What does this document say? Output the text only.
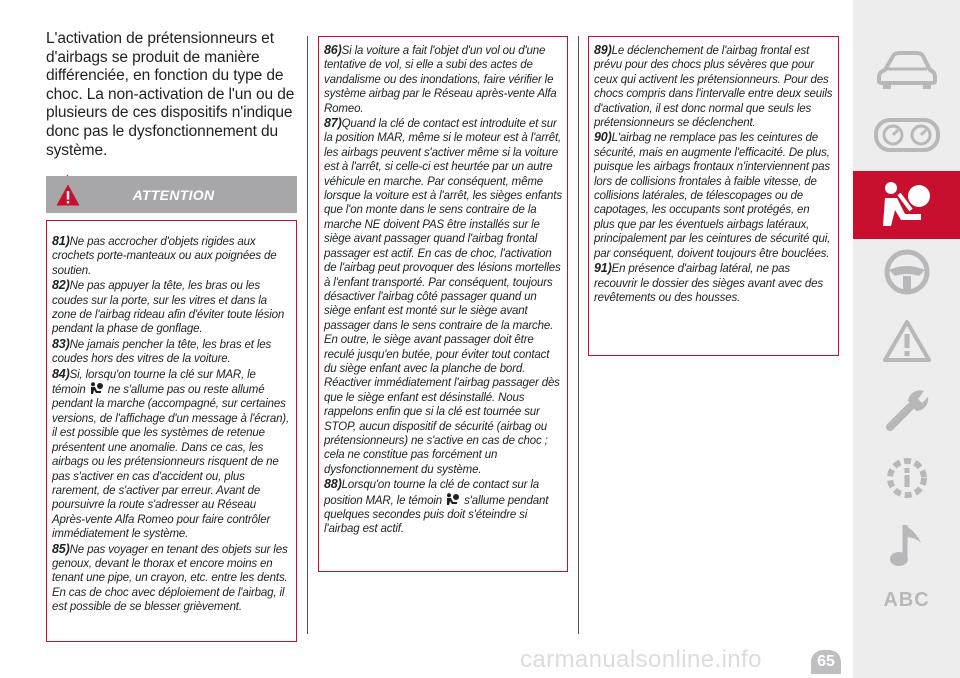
L'activation de prétensionneurs et d'airbags se produit de manière différenciée, en fonction du type de choc. La non-activation de l'un ou de plusieurs de ces dispositifs n'indique donc pas le dysfonctionnement du système.

ATTENTION

81)Ne pas accrocher d'objets rigides aux crochets porte-manteaux ou aux poignées de soutien.

82)Ne pas appuyer la tête, les bras ou les coudes sur la porte, sur les vitres et dans la zone de l'airbag rideau afin d'éviter toute lésion pendant la phase de gonflage.

83)Ne jamais pencher la tête, les bras et les coudes hors des vitres de la voiture.

84)Si, lorsqu'on tourne la clé sur MAR, le témoin ne s'allume pas ou reste allumé pendant la marche (accompagné, sur certaines versions, de l'affichage d'un message à l'écran), il est possible que les systèmes de retenue présentent une anomalie. Dans ce cas, les airbags ou les prétensionneurs risquent de ne pas s'activer en cas d'accident ou, plus rarement, de s'activer par erreur. Avant de poursuivre la route s'adresser au Réseau Après-vente Alfa Romeo pour faire contrôler immédiatement le système.

85)Ne pas voyager en tenant des objets sur les genoux, devant le thorax et encore moins en tenant une pipe, un crayon, etc. entre les dents. En cas de choc avec déploiement de l'airbag, il est possible de se blesser grièvement.

86)Si la voiture a fait l'objet d'un vol ou d'une tentative de vol, si elle a subi des actes de vandalisme ou des inondations, faire vérifier le système airbag par le Réseau après-vente Alfa Romeo.

87)Quand la clé de contact est introduite et sur la position MAR, même si le moteur est à l'arrêt, les airbags peuvent s'activer même si la voiture est à l'arrêt, si celle-ci est heurtée par un autre véhicule en marche. Par conséquent, même lorsque la voiture est à l'arrêt, les sièges enfants que l'on monte dans le sens contraire de la marche NE doivent PAS être installés sur le siège avant passager quand l'airbag frontal passager est actif. En cas de choc, l'activation de l'airbag peut provoquer des lésions mortelles à l'enfant transporté. Par conséquent, toujours désactiver l'airbag côté passager quand un siège enfant est monté sur le siège avant passager dans le sens contraire de la marche. En outre, le siège avant passager doit être reculé jusqu'en butée, pour éviter tout contact du siège enfant avec la planche de bord. Réactiver immédiatement l'airbag passager dès que le siège enfant est désinstallé. Nous rappelons enfin que si la clé est tournée sur STOP, aucun dispositif de sécurité (airbag ou prétensionneurs) ne s'active en cas de choc ; cela ne constitue pas forcément un dysfonctionnement du système.

88)Lorsqu'on tourne la clé de contact sur la position MAR, le témoin s'allume pendant quelques secondes puis doit s'éteindre si l'airbag est actif.

89)Le déclenchement de l'airbag frontal est prévu pour des chocs plus sévères que pour ceux qui activent les prétensionneurs. Pour des chocs compris dans l'intervalle entre deux seuils d'activation, il est donc normal que seuls les prétensionneurs se déclenchent.

90)L'airbag ne remplace pas les ceintures de sécurité, mais en augmente l'efficacité. De plus, puisque les airbags frontaux n'interviennent pas lors de collisions frontales à faible vitesse, de collisions latérales, de télescopages ou de capotages, les occupants sont protégés, en plus que par les éventuels airbags latéraux, principalement par les ceintures de sécurité qui, par conséquent, doivent toujours être bouclées.

91)En présence d'airbag latéral, ne pas recouvrir le dossier des sièges avant avec des revêtements ou des housses.

ABC
carmanualsonline.info	65
